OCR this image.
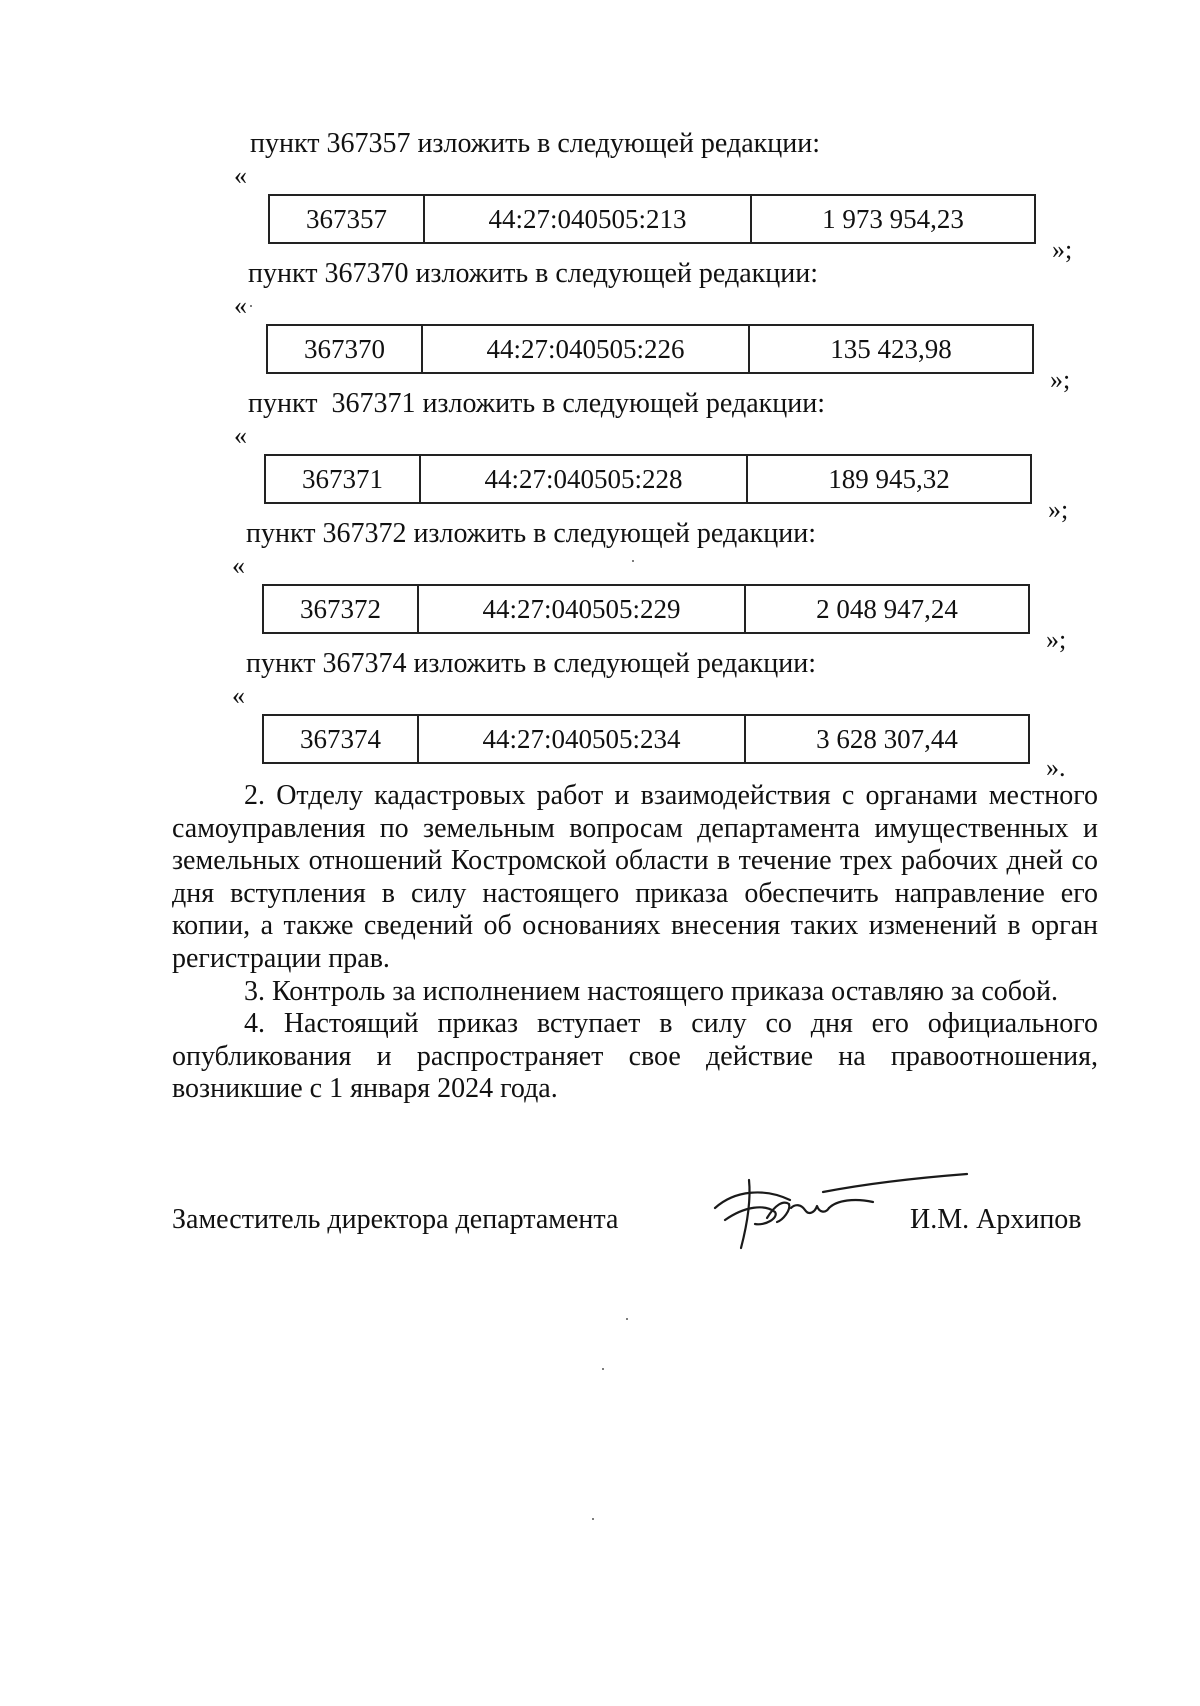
пункт 367357 изложить в следующей редакции:
«
367357	44:27:040505:213	1 973 954,23
»;
пункт 367370 изложить в следующей редакции:
«
367370	44:27:040505:226	135 423,98
»;
пункт  367371 изложить в следующей редакции:
«
367371	44:27:040505:228	189 945,32
»;
пункт 367372 изложить в следующей редакции:
«
367372	44:27:040505:229	2 048 947,24
»;
пункт 367374 изложить в следующей редакции:
«
367374	44:27:040505:234	3 628 307,44
».

2. Отделу кадастровых работ и взаимодействия с органами местного самоуправления по земельным вопросам департамента имущественных и земельных отношений Костромской области в течение трех рабочих дней со дня вступления в силу настоящего приказа обеспечить направление его копии, а также сведений об основаниях внесения таких изменений в орган регистрации прав.

3. Контроль за исполнением настоящего приказа оставляю за собой.

4. Настоящий приказ вступает в силу со дня его официального опубликования и распространяет свое действие на правоотношения, возникшие с 1 января 2024 года.

Заместитель директора департамента	И.М. Архипов
